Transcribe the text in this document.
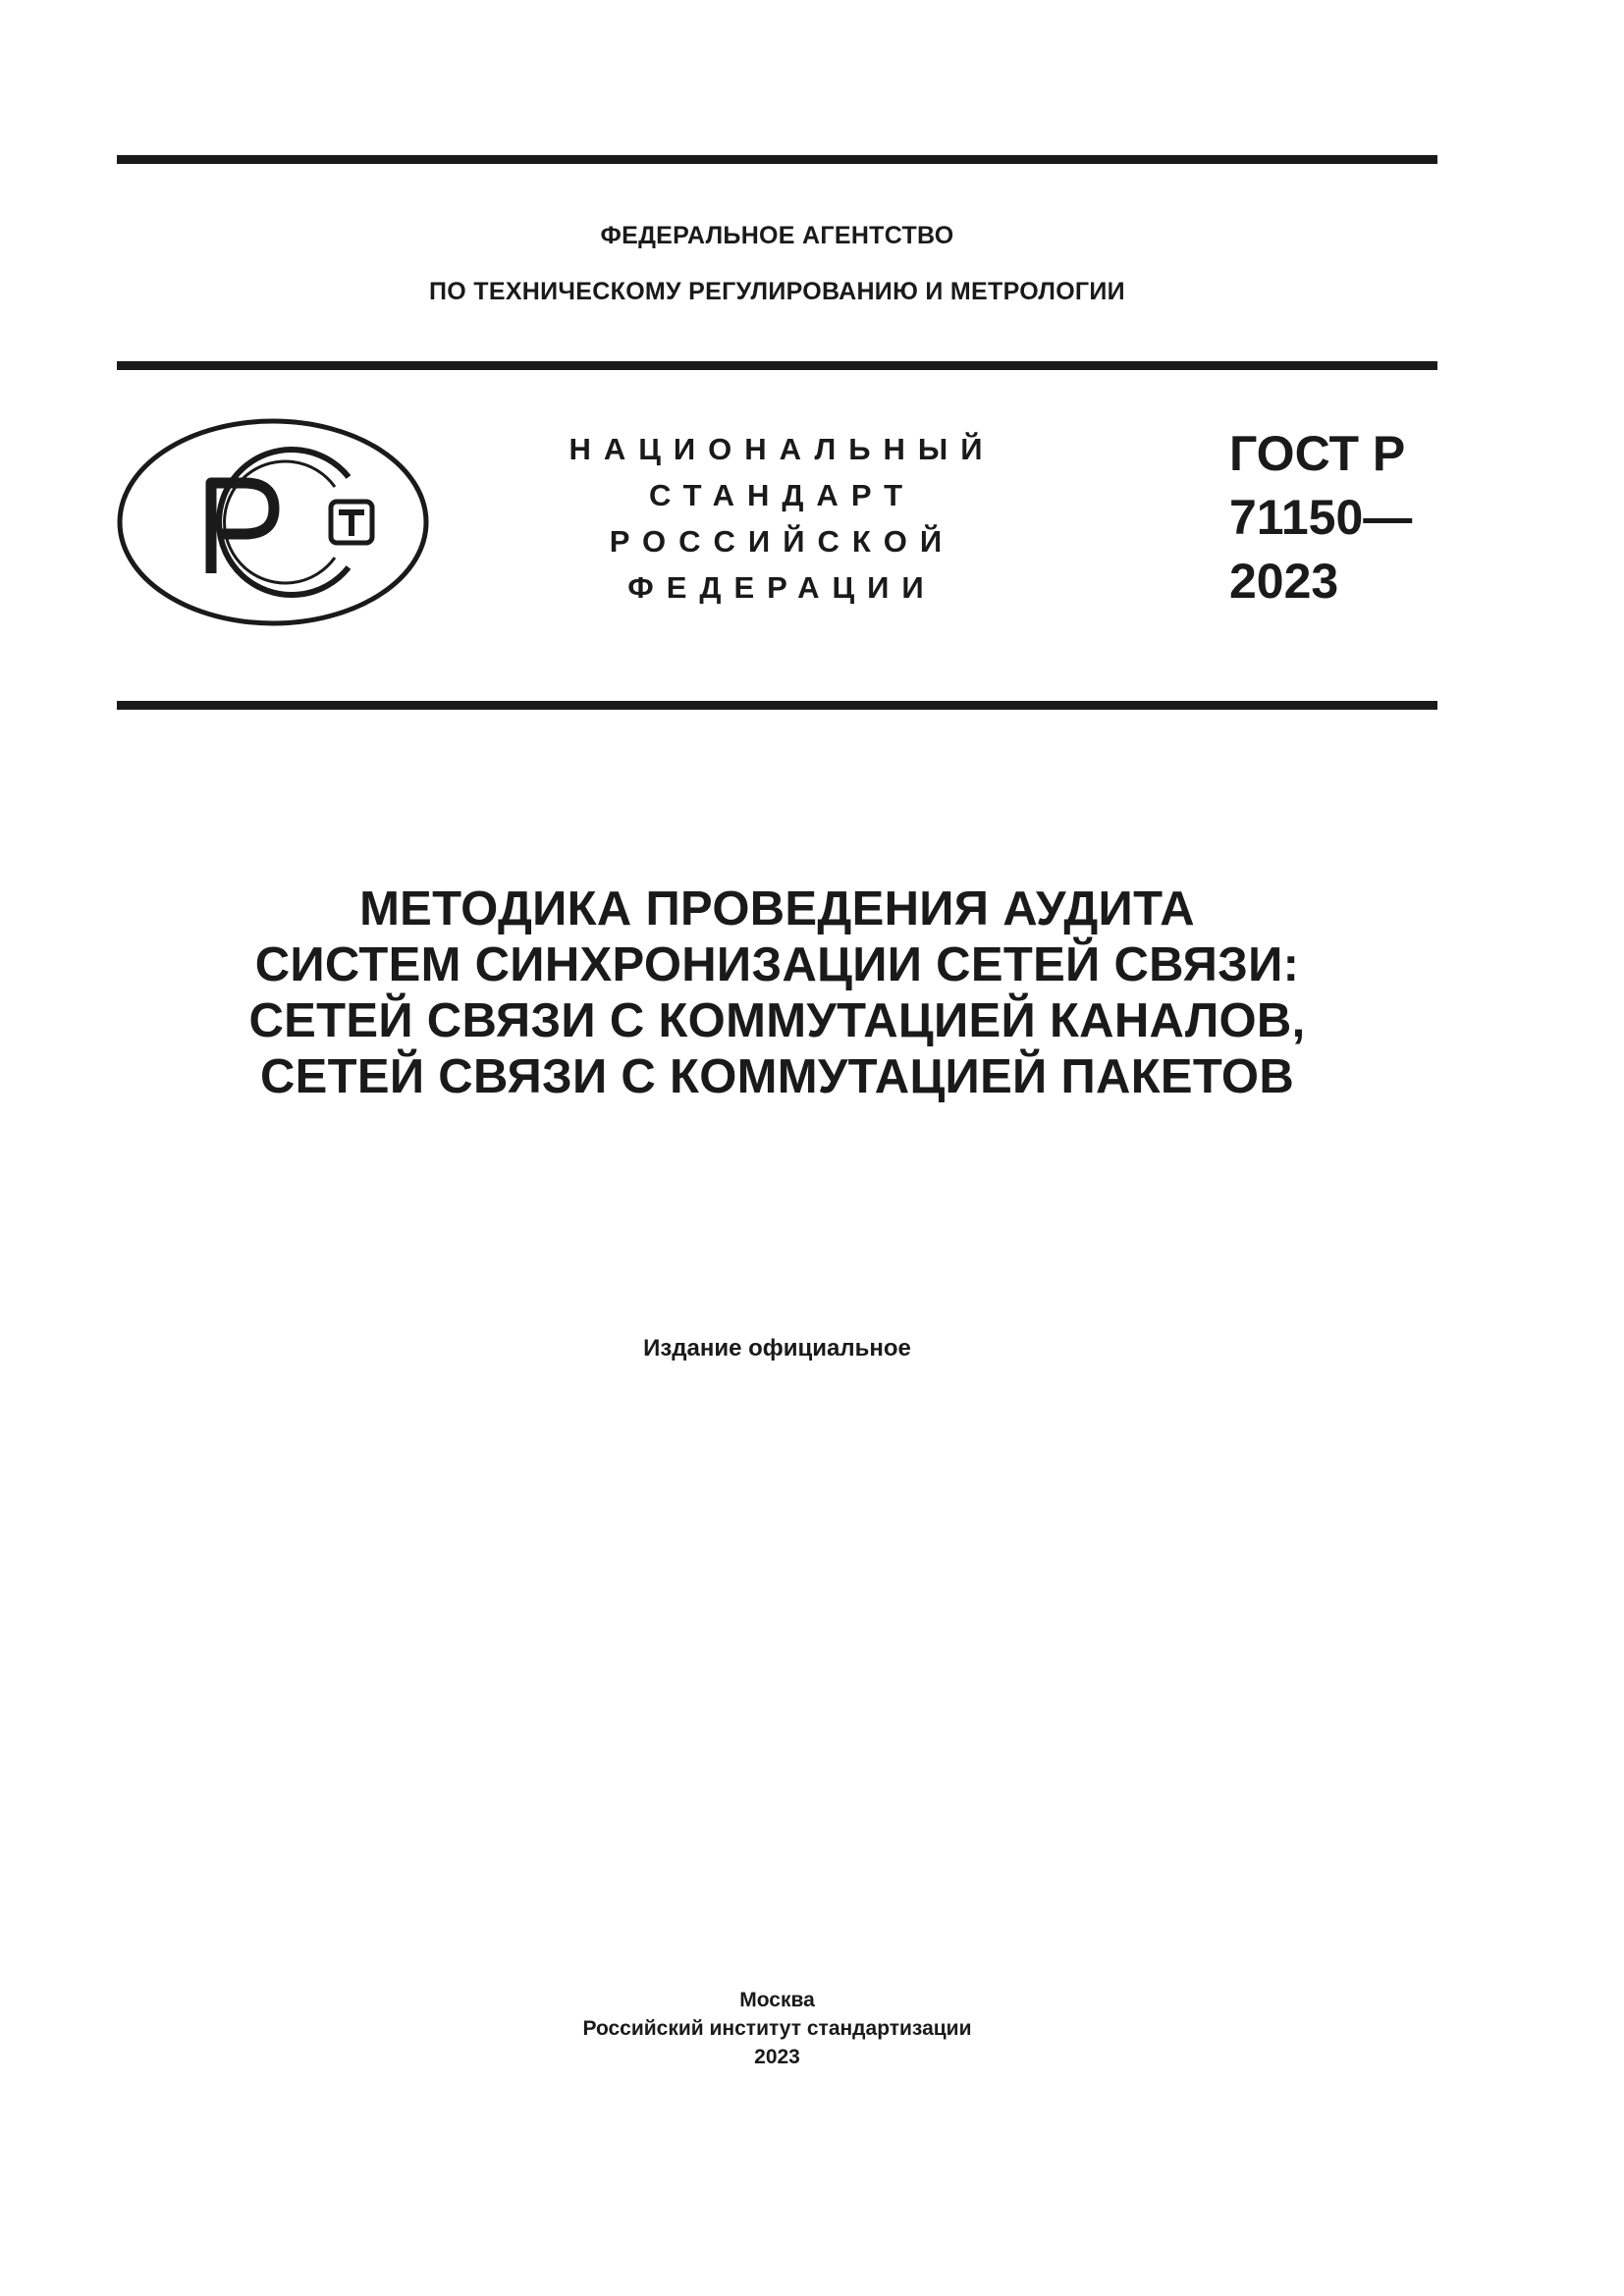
ФЕДЕРАЛЬНОЕ АГЕНТСТВО
ПО ТЕХНИЧЕСКОМУ РЕГУЛИРОВАНИЮ И МЕТРОЛОГИИ
НАЦИОНАЛЬНЫЙ
СТАНДАРТ
РОССИЙСКОЙ
ФЕДЕРАЦИИ
ГОСТ Р
71150—
2023
МЕТОДИКА ПРОВЕДЕНИЯ АУДИТА
СИСТЕМ СИНХРОНИЗАЦИИ СЕТЕЙ СВЯЗИ:
СЕТЕЙ СВЯЗИ С КОММУТАЦИЕЙ КАНАЛОВ,
СЕТЕЙ СВЯЗИ С КОММУТАЦИЕЙ ПАКЕТОВ
Издание официальное
Москва
Российский институт стандартизации
2023
